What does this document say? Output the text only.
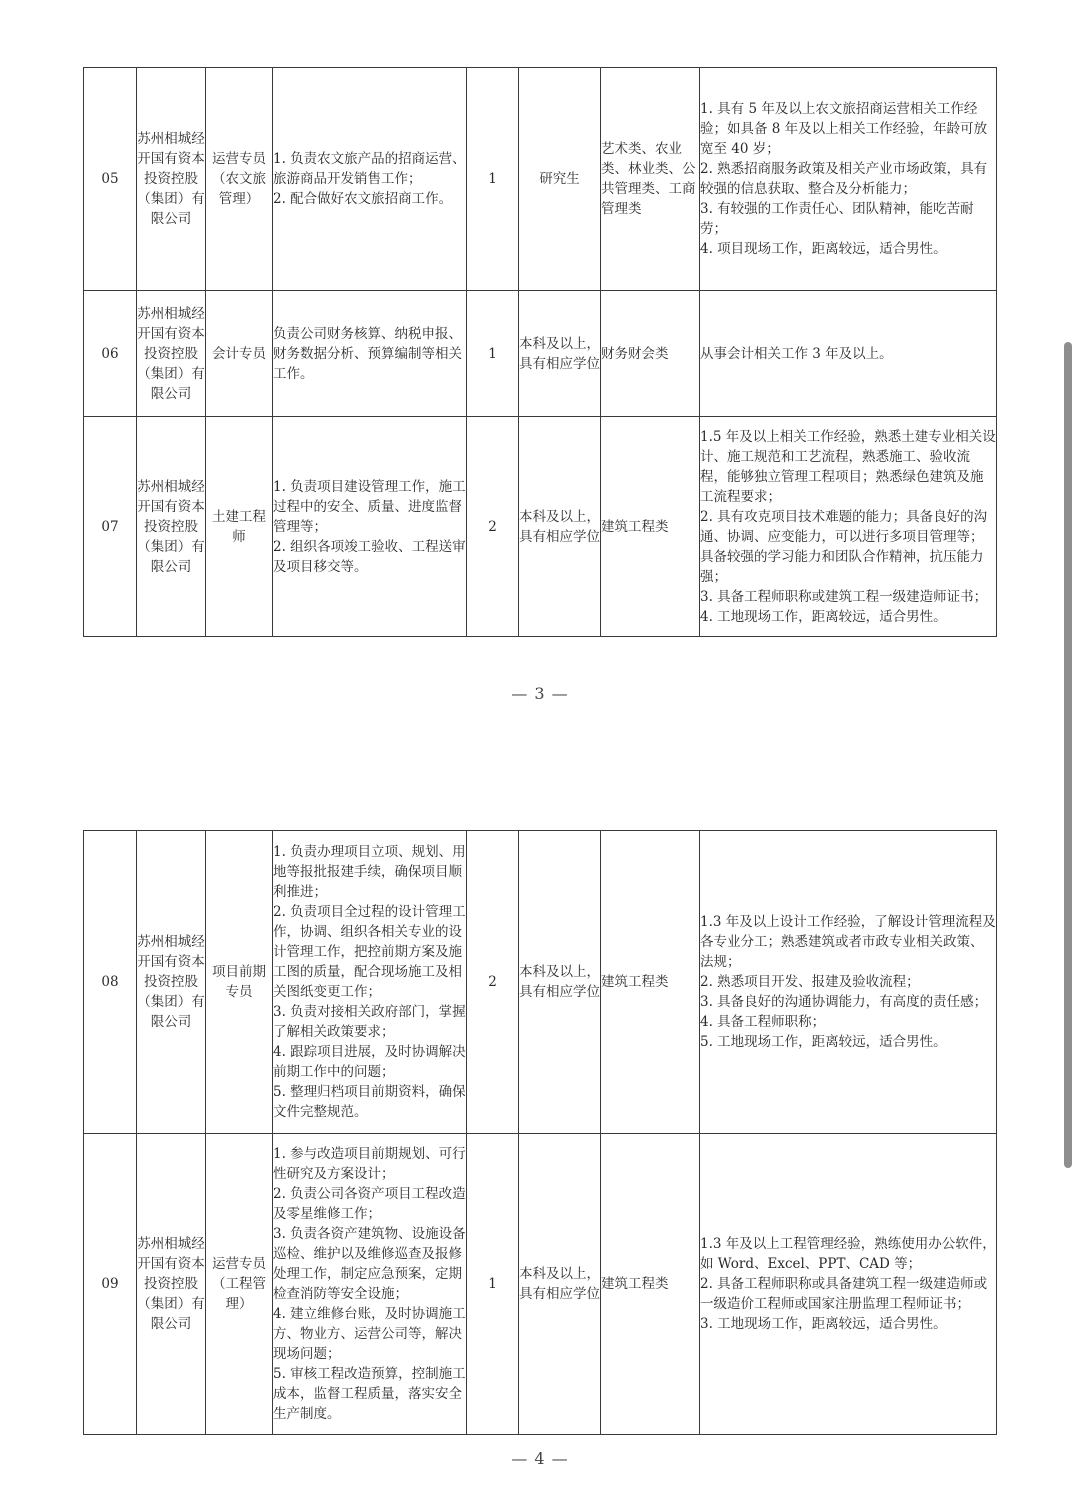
05	苏州相城经开国有资本投资控股（集团）有限公司	运营专员（农文旅管理）	1. 负责农文旅产品的招商运营、旅游商品开发销售工作；
2. 配合做好农文旅招商工作。	1	研究生	艺术类、农业类、林业类、公共管理类、工商管理类	1. 具有 5 年及以上农文旅招商运营相关工作经验；如具备 8 年及以上相关工作经验，年龄可放宽至 40 岁；
2. 熟悉招商服务政策及相关产业市场政策，具有较强的信息获取、整合及分析能力；
3. 有较强的工作责任心、团队精神，能吃苦耐劳；
4. 项目现场工作，距离较远，适合男性。

06	苏州相城经开国有资本投资控股（集团）有限公司	会计专员	负责公司财务核算、纳税申报、财务数据分析、预算编制等相关工作。	1	本科及以上，具有相应学位	财务财会类	从事会计相关工作 3 年及以上。

07	苏州相城经开国有资本投资控股（集团）有限公司	土建工程师	1. 负责项目建设管理工作，施工过程中的安全、质量、进度监督管理等；
2. 组织各项竣工验收、工程送审及项目移交等。	2	本科及以上，具有相应学位	建筑工程类	1.5 年及以上相关工作经验，熟悉土建专业相关设计、施工规范和工艺流程，熟悉施工、验收流程，能够独立管理工程项目；熟悉绿色建筑及施工流程要求；
2. 具有攻克项目技术难题的能力；具备良好的沟通、协调、应变能力，可以进行多项目管理等；具备较强的学习能力和团队合作精神，抗压能力强；
3. 具备工程师职称或建筑工程一级建造师证书；
4. 工地现场工作，距离较远，适合男性。
— 3 —
08	苏州相城经开国有资本投资控股（集团）有限公司	项目前期专员	1. 负责办理项目立项、规划、用地等报批报建手续，确保项目顺利推进；
2. 负责项目全过程的设计管理工作，协调、组织各相关专业的设计管理工作，把控前期方案及施工图的质量，配合现场施工及相关图纸变更工作；
3. 负责对接相关政府部门，掌握了解相关政策要求；
4. 跟踪项目进展，及时协调解决前期工作中的问题；
5. 整理归档项目前期资料，确保文件完整规范。	2	本科及以上，具有相应学位	建筑工程类	1.3 年及以上设计工作经验，了解设计管理流程及各专业分工；熟悉建筑或者市政专业相关政策、法规；
2. 熟悉项目开发、报建及验收流程；
3. 具备良好的沟通协调能力，有高度的责任感；
4. 具备工程师职称；
5. 工地现场工作，距离较远，适合男性。

09	苏州相城经开国有资本投资控股（集团）有限公司	运营专员（工程管理）	1. 参与改造项目前期规划、可行性研究及方案设计；
2. 负责公司各资产项目工程改造及零星维修工作；
3. 负责各资产建筑物、设施设备巡检、维护以及维修巡查及报修处理工作，制定应急预案，定期检查消防等安全设施；
4. 建立维修台账，及时协调施工方、物业方、运营公司等，解决现场问题；
5. 审核工程改造预算，控制施工成本，监督工程质量，落实安全生产制度。	1	本科及以上，具有相应学位	建筑工程类	1.3 年及以上工程管理经验，熟练使用办公软件，如 Word、Excel、PPT、CAD 等；
2. 具备工程师职称或具备建筑工程一级建造师或一级造价工程师或国家注册监理工程师证书；
3. 工地现场工作，距离较远，适合男性。
— 4 —
